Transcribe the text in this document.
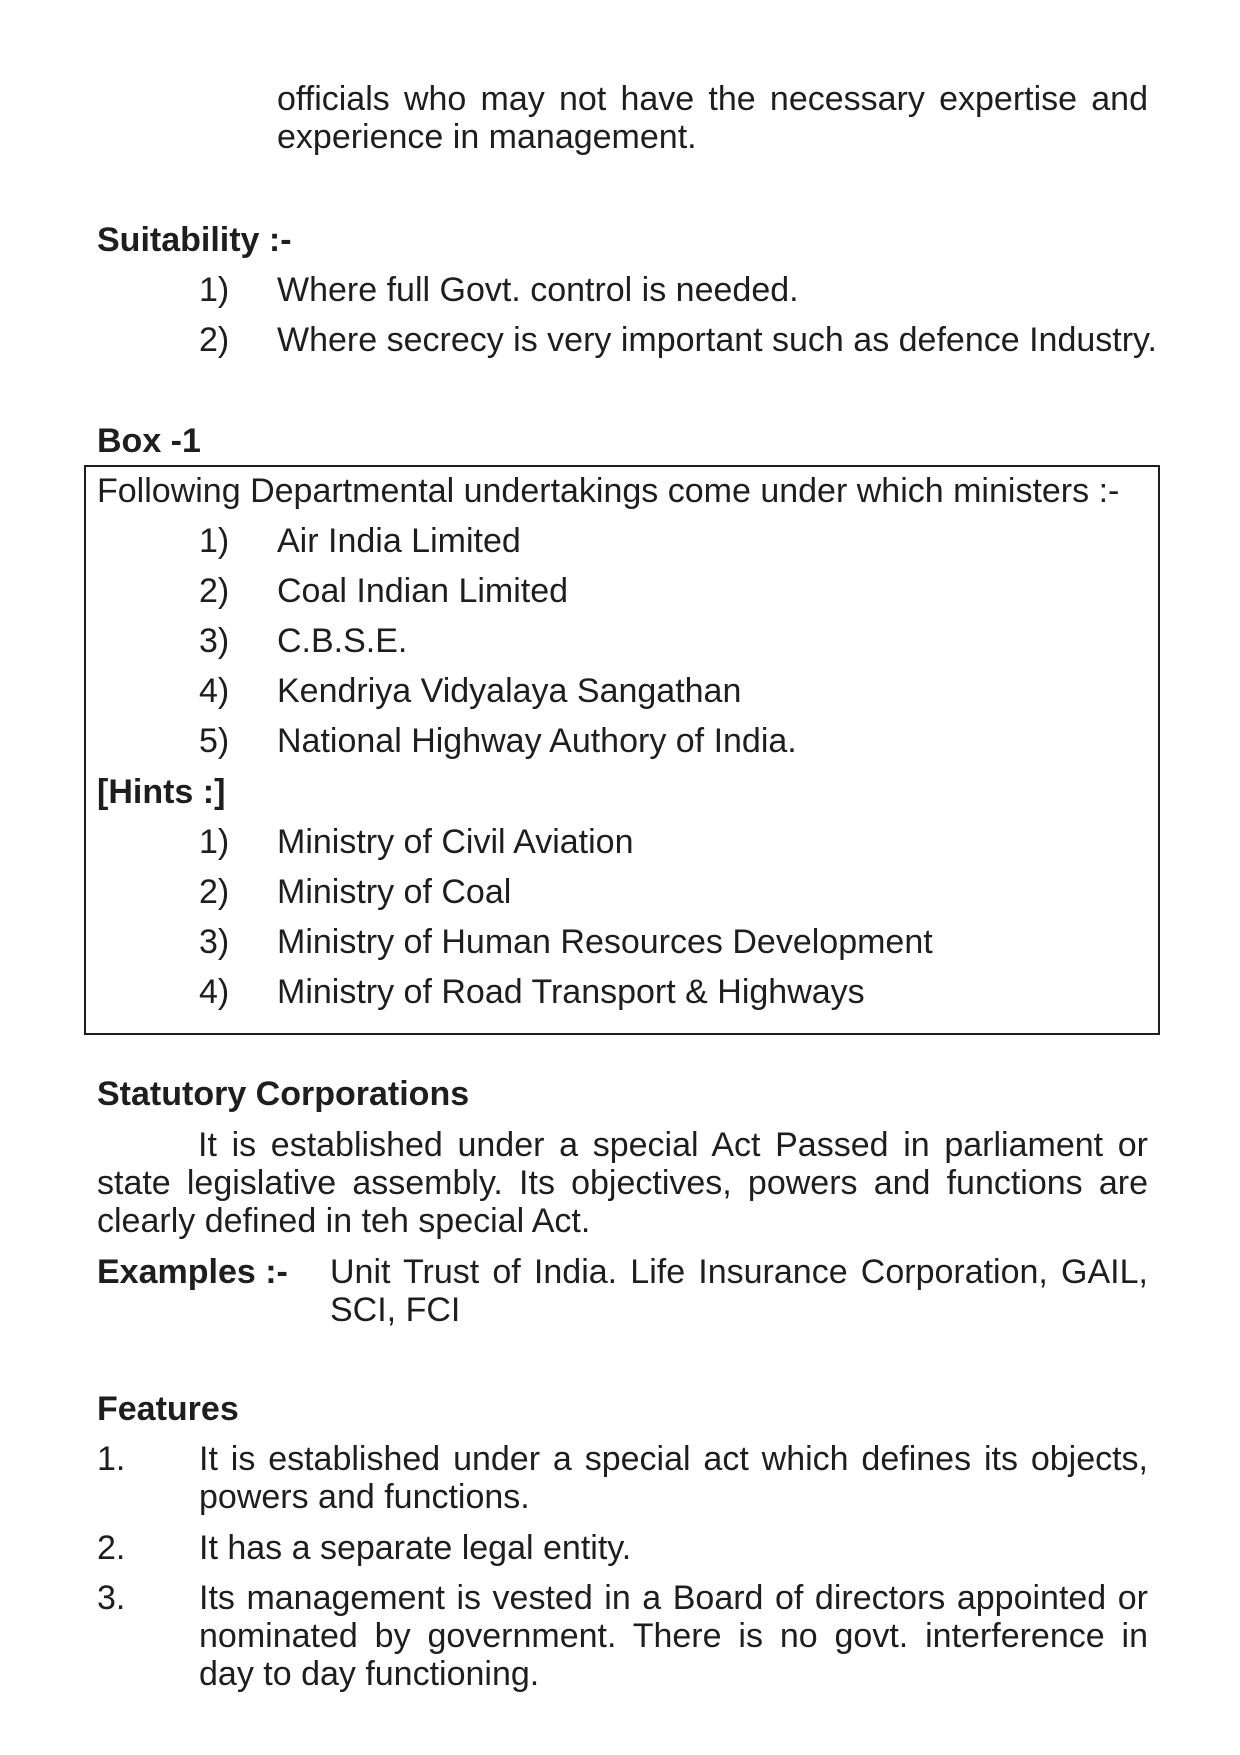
officials who may not have the necessary expertise and experience in management.
Suitability :-
1) Where full Govt. control is needed.
2) Where secrecy is very important such as defence Industry.
Box -1
Following Departmental undertakings come under which ministers :-
1) Air India Limited
2) Coal Indian Limited
3) C.B.S.E.
4) Kendriya Vidyalaya Sangathan
5) National Highway Authory of India.
[Hints :]
1) Ministry of Civil Aviation
2) Ministry of Coal
3) Ministry of Human Resources Development
4) Ministry of Road Transport & Highways
Statutory Corporations
It is established under a special Act Passed in parliament or state legislative assembly. Its objectives, powers and functions are clearly defined in teh special Act.
Examples :- Unit Trust of India. Life Insurance Corporation, GAIL, SCI, FCI
Features
1. It is established under a special act which defines its objects, powers and functions.
2. It has a separate legal entity.
3. Its management is vested in a Board of directors appointed or nominated by government. There is no govt. interference in day to day functioning.
